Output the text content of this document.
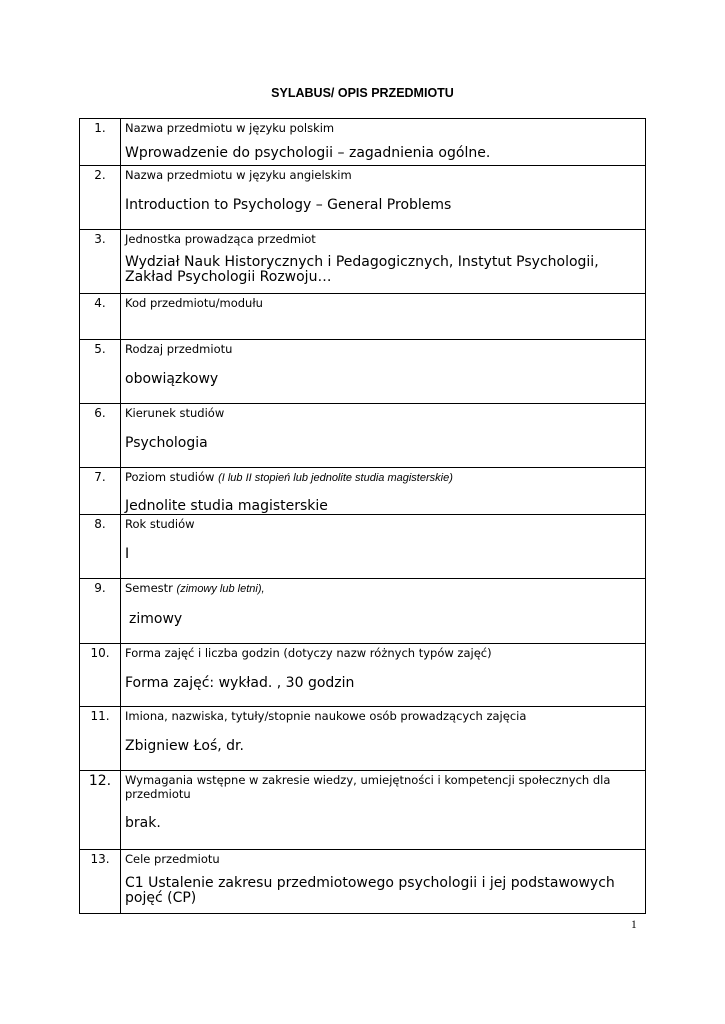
SYLABUS/ OPIS PRZEDMIOTU
1.	Nazwa przedmiotu w języku polskim
Wprowadzenie do psychologii – zagadnienia ogólne.

2.	Nazwa przedmiotu w języku angielskim
Introduction to Psychology – General Problems

3.	Jednostka prowadząca przedmiot
Wydział Nauk Historycznych i Pedagogicznych, Instytut Psychologii, Zakład Psychologii Rozwoju…

4.	Kod przedmiotu/modułu

5.	Rodzaj przedmiotu
obowiązkowy

6.	Kierunek studiów
Psychologia

7.	Poziom studiów (I lub II stopień lub jednolite studia magisterskie)
Jednolite studia magisterskie

8.	Rok studiów
I

9.	Semestr (zimowy lub letni),
zimowy

10.	Forma zajęć i liczba godzin (dotyczy nazw różnych typów zajęć)
Forma zajęć: wykład. , 30 godzin

11.	Imiona, nazwiska, tytuły/stopnie naukowe osób prowadzących zajęcia
Zbigniew Łoś, dr.

12.	Wymagania wstępne w zakresie wiedzy, umiejętności i kompetencji społecznych dla przedmiotu
brak.

13.	Cele przedmiotu
C1 Ustalenie zakresu przedmiotowego psychologii i jej podstawowych pojęć (CP)
1
